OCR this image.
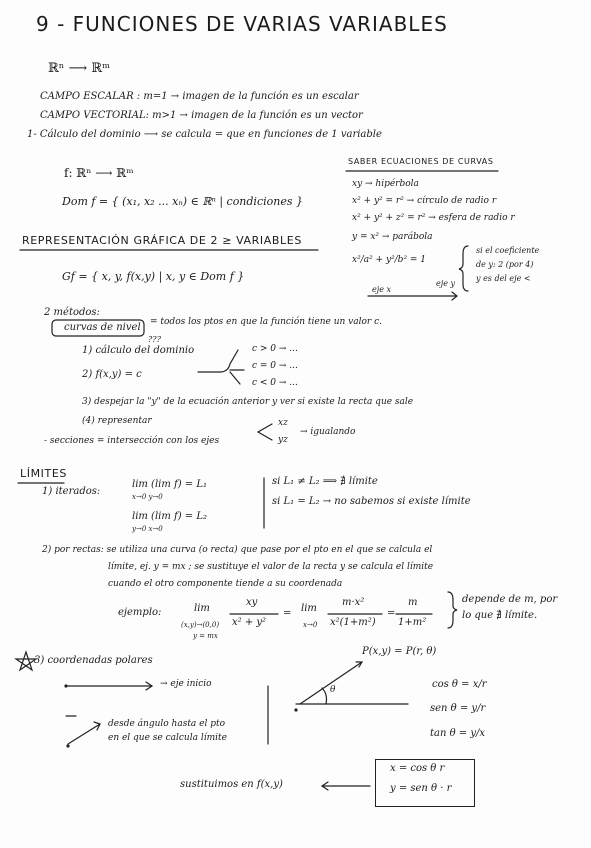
9 - FUNCIONES DE VARIAS VARIABLES
ℝⁿ ⟶ ℝᵐ
CAMPO ESCALAR : m=1 → imagen de la función es un escalar
CAMPO VECTORIAL: m>1 → imagen de la función es un vector
1- Cálculo del dominio ⟶ se calcula = que en funciones de 1 variable
f: ℝⁿ ⟶ ℝᵐ
Dom f = { (x₁, x₂ ... xₙ) ∈ ℝⁿ | condiciones }
SABER ECUACIONES DE CURVAS
xy → hipérbola
x² + y² = r² → círculo de radio r
x² + y² + z² = r² → esfera de radio r
y = x² → parábola
x²/a² + y²/b² = 1
si el coeficiente
de y: 2 (por 4)
y es del eje <
eje x
eje y
REPRESENTACIÓN GRÁFICA DE 2 ≥ VARIABLES
Gf = { x, y, f(x,y) | x, y ∈ Dom f }
2 métodos:
curvas de nivel
???
= todos los ptos en que la función tiene un valor c.
1) cálculo del dominio
2) f(x,y) = c
c > 0 → ...
c = 0 → ...
c < 0 → ...
3) despejar la "y" de la ecuación anterior y ver si existe la recta que sale
(4) representar
- secciones = intersección con los ejes
xz
yz
→ igualando
LÍMITES
1) iterados:
lim (lim f) = L₁
x→0 y→0
lim (lim f) = L₂
y→0 x→0
si L₁ ≠ L₂ ⟹ ∄ límite
si L₁ = L₂ → no sabemos si existe límite
2) por rectas: se utiliza una curva (o recta) que pase por el pto en el que se calcula el
límite, ej. y = mx ; se sustituye el valor de la recta y se calcula el límite
cuando el otro componente tiende a su coordenada
ejemplo:	lim
(x,y)→(0,0)
y = mx
xy
x² + y²
= lim
x→0
m·x²
x²(1+m²)
=
m
1+m²
depende de m, por
lo que ∄ límite.
3) coordenadas polares
→ eje inicio
desde ángulo hasta el pto
en el que se calcula límite
P(x,y) = P(r, θ)
θ	cos θ = x/r
sen θ = y/r
tan θ = y/x
x = cos θ r
y = sen θ · r
sustituimos en f(x,y)
